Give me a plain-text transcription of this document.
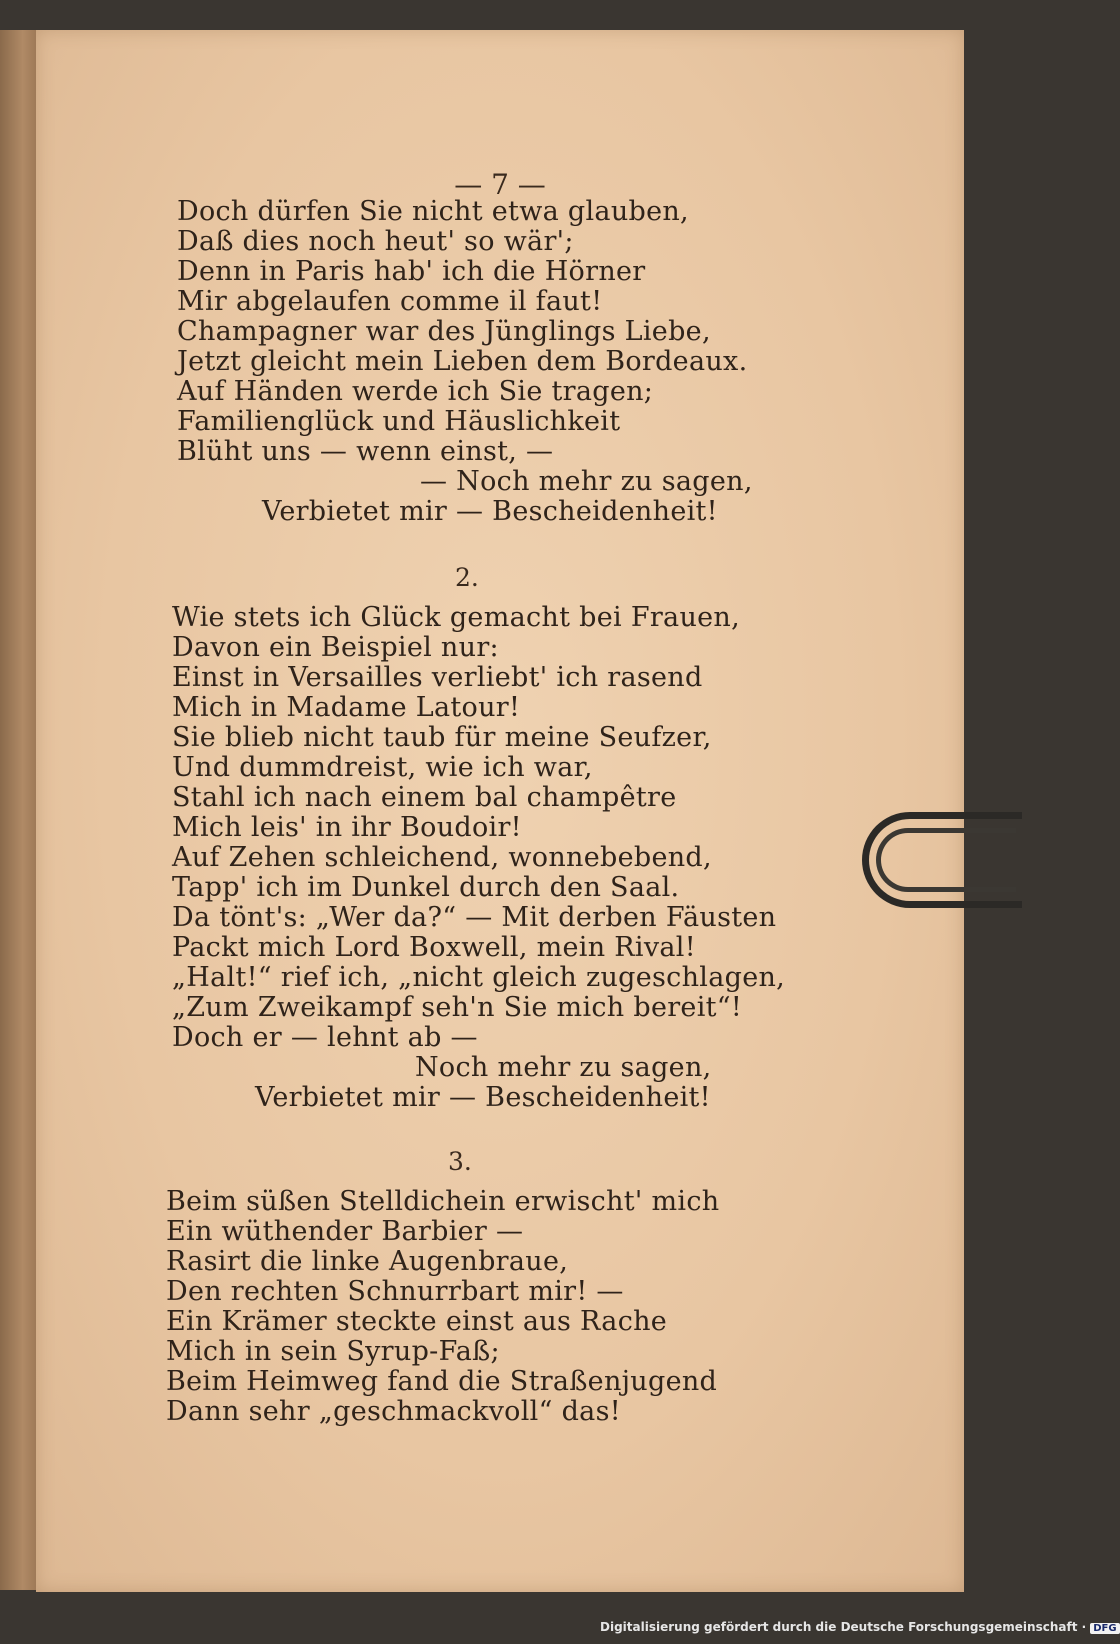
— 7 —
Doch dürfen Sie nicht etwa glauben,
Daß dies noch heut' so wär';
Denn in Paris hab' ich die Hörner
Mir abgelaufen comme il faut!
Champagner war des Jünglings Liebe,
Jetzt gleicht mein Lieben dem Bordeaux.
Auf Händen werde ich Sie tragen;
Familienglück und Häuslichkeit
Blüht uns — wenn einst, —
— Noch mehr zu sagen,
Verbietet mir — Bescheidenheit!
2.
Wie stets ich Glück gemacht bei Frauen,
Davon ein Beispiel nur:
Einst in Versailles verliebt' ich rasend
Mich in Madame Latour!
Sie blieb nicht taub für meine Seufzer,
Und dummdreist, wie ich war,
Stahl ich nach einem bal champêtre
Mich leis' in ihr Boudoir!
Auf Zehen schleichend, wonnebebend,
Tapp' ich im Dunkel durch den Saal.
Da tönt's: „Wer da?“ — Mit derben Fäusten
Packt mich Lord Boxwell, mein Rival!
„Halt!“ rief ich, „nicht gleich zugeschlagen,
„Zum Zweikampf seh'n Sie mich bereit“!
Doch er — lehnt ab —
Noch mehr zu sagen,
Verbietet mir — Bescheidenheit!
3.
Beim süßen Stelldichein erwischt' mich
Ein wüthender Barbier —
Rasirt die linke Augenbraue,
Den rechten Schnurrbart mir! —
Ein Krämer steckte einst aus Rache
Mich in sein Syrup-Faß;
Beim Heimweg fand die Straßenjugend
Dann sehr „geschmackvoll“ das!
Digitalisierung gefördert durch die Deutsche Forschungsgemeinschaft · DFG
